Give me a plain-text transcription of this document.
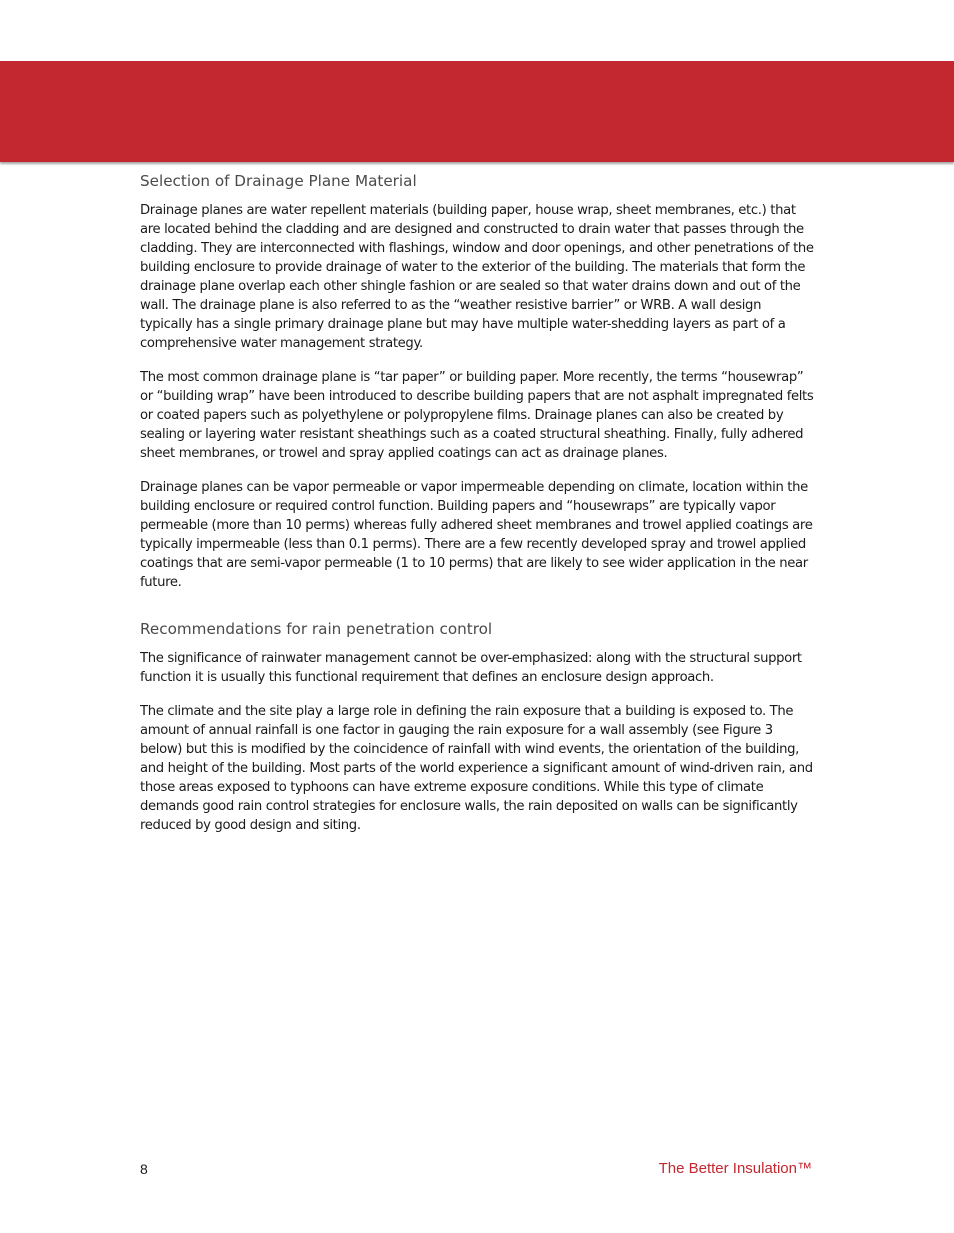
Selection of Drainage Plane Material

Drainage planes are water repellent materials (building paper, house wrap, sheet membranes, etc.) that are located behind the cladding and are designed and constructed to drain water that passes through the cladding. They are interconnected with flashings, window and door openings, and other penetrations of the building enclosure to provide drainage of water to the exterior of the building. The materials that form the drainage plane overlap each other shingle fashion or are sealed so that water drains down and out of the wall. The drainage plane is also referred to as the “weather resistive barrier” or WRB. A wall design typically has a single primary drainage plane but may have multiple water-shedding layers as part of a comprehensive water management strategy.

The most common drainage plane is “tar paper” or building paper. More recently, the terms “housewrap” or “building wrap” have been introduced to describe building papers that are not asphalt impregnated felts or coated papers such as polyethylene or polypropylene films. Drainage planes can also be created by sealing or layering water resistant sheathings such as a coated structural sheathing. Finally, fully adhered sheet membranes, or trowel and spray applied coatings can act as drainage planes.

Drainage planes can be vapor permeable or vapor impermeable depending on climate, location within the building enclosure or required control function. Building papers and “housewraps” are typically vapor permeable (more than 10 perms) whereas fully adhered sheet membranes and trowel applied coatings are typically impermeable (less than 0.1 perms). There are a few recently developed spray and trowel applied coatings that are semi-vapor permeable (1 to 10 perms) that are likely to see wider application in the near future.

Recommendations for rain penetration control

The significance of rainwater management cannot be over-emphasized: along with the structural support function it is usually this functional requirement that defines an enclosure design approach.

The climate and the site play a large role in defining the rain exposure that a building is exposed to. The amount of annual rainfall is one factor in gauging the rain exposure for a wall assembly (see Figure 3 below) but this is modified by the coincidence of rainfall with wind events, the orientation of the building, and height of the building. Most parts of the world experience a significant amount of wind-driven rain, and those areas exposed to typhoons can have extreme exposure conditions. While this type of climate demands good rain control strategies for enclosure walls, the rain deposited on walls can be significantly reduced by good design and siting.

8	The Better Insulation™
